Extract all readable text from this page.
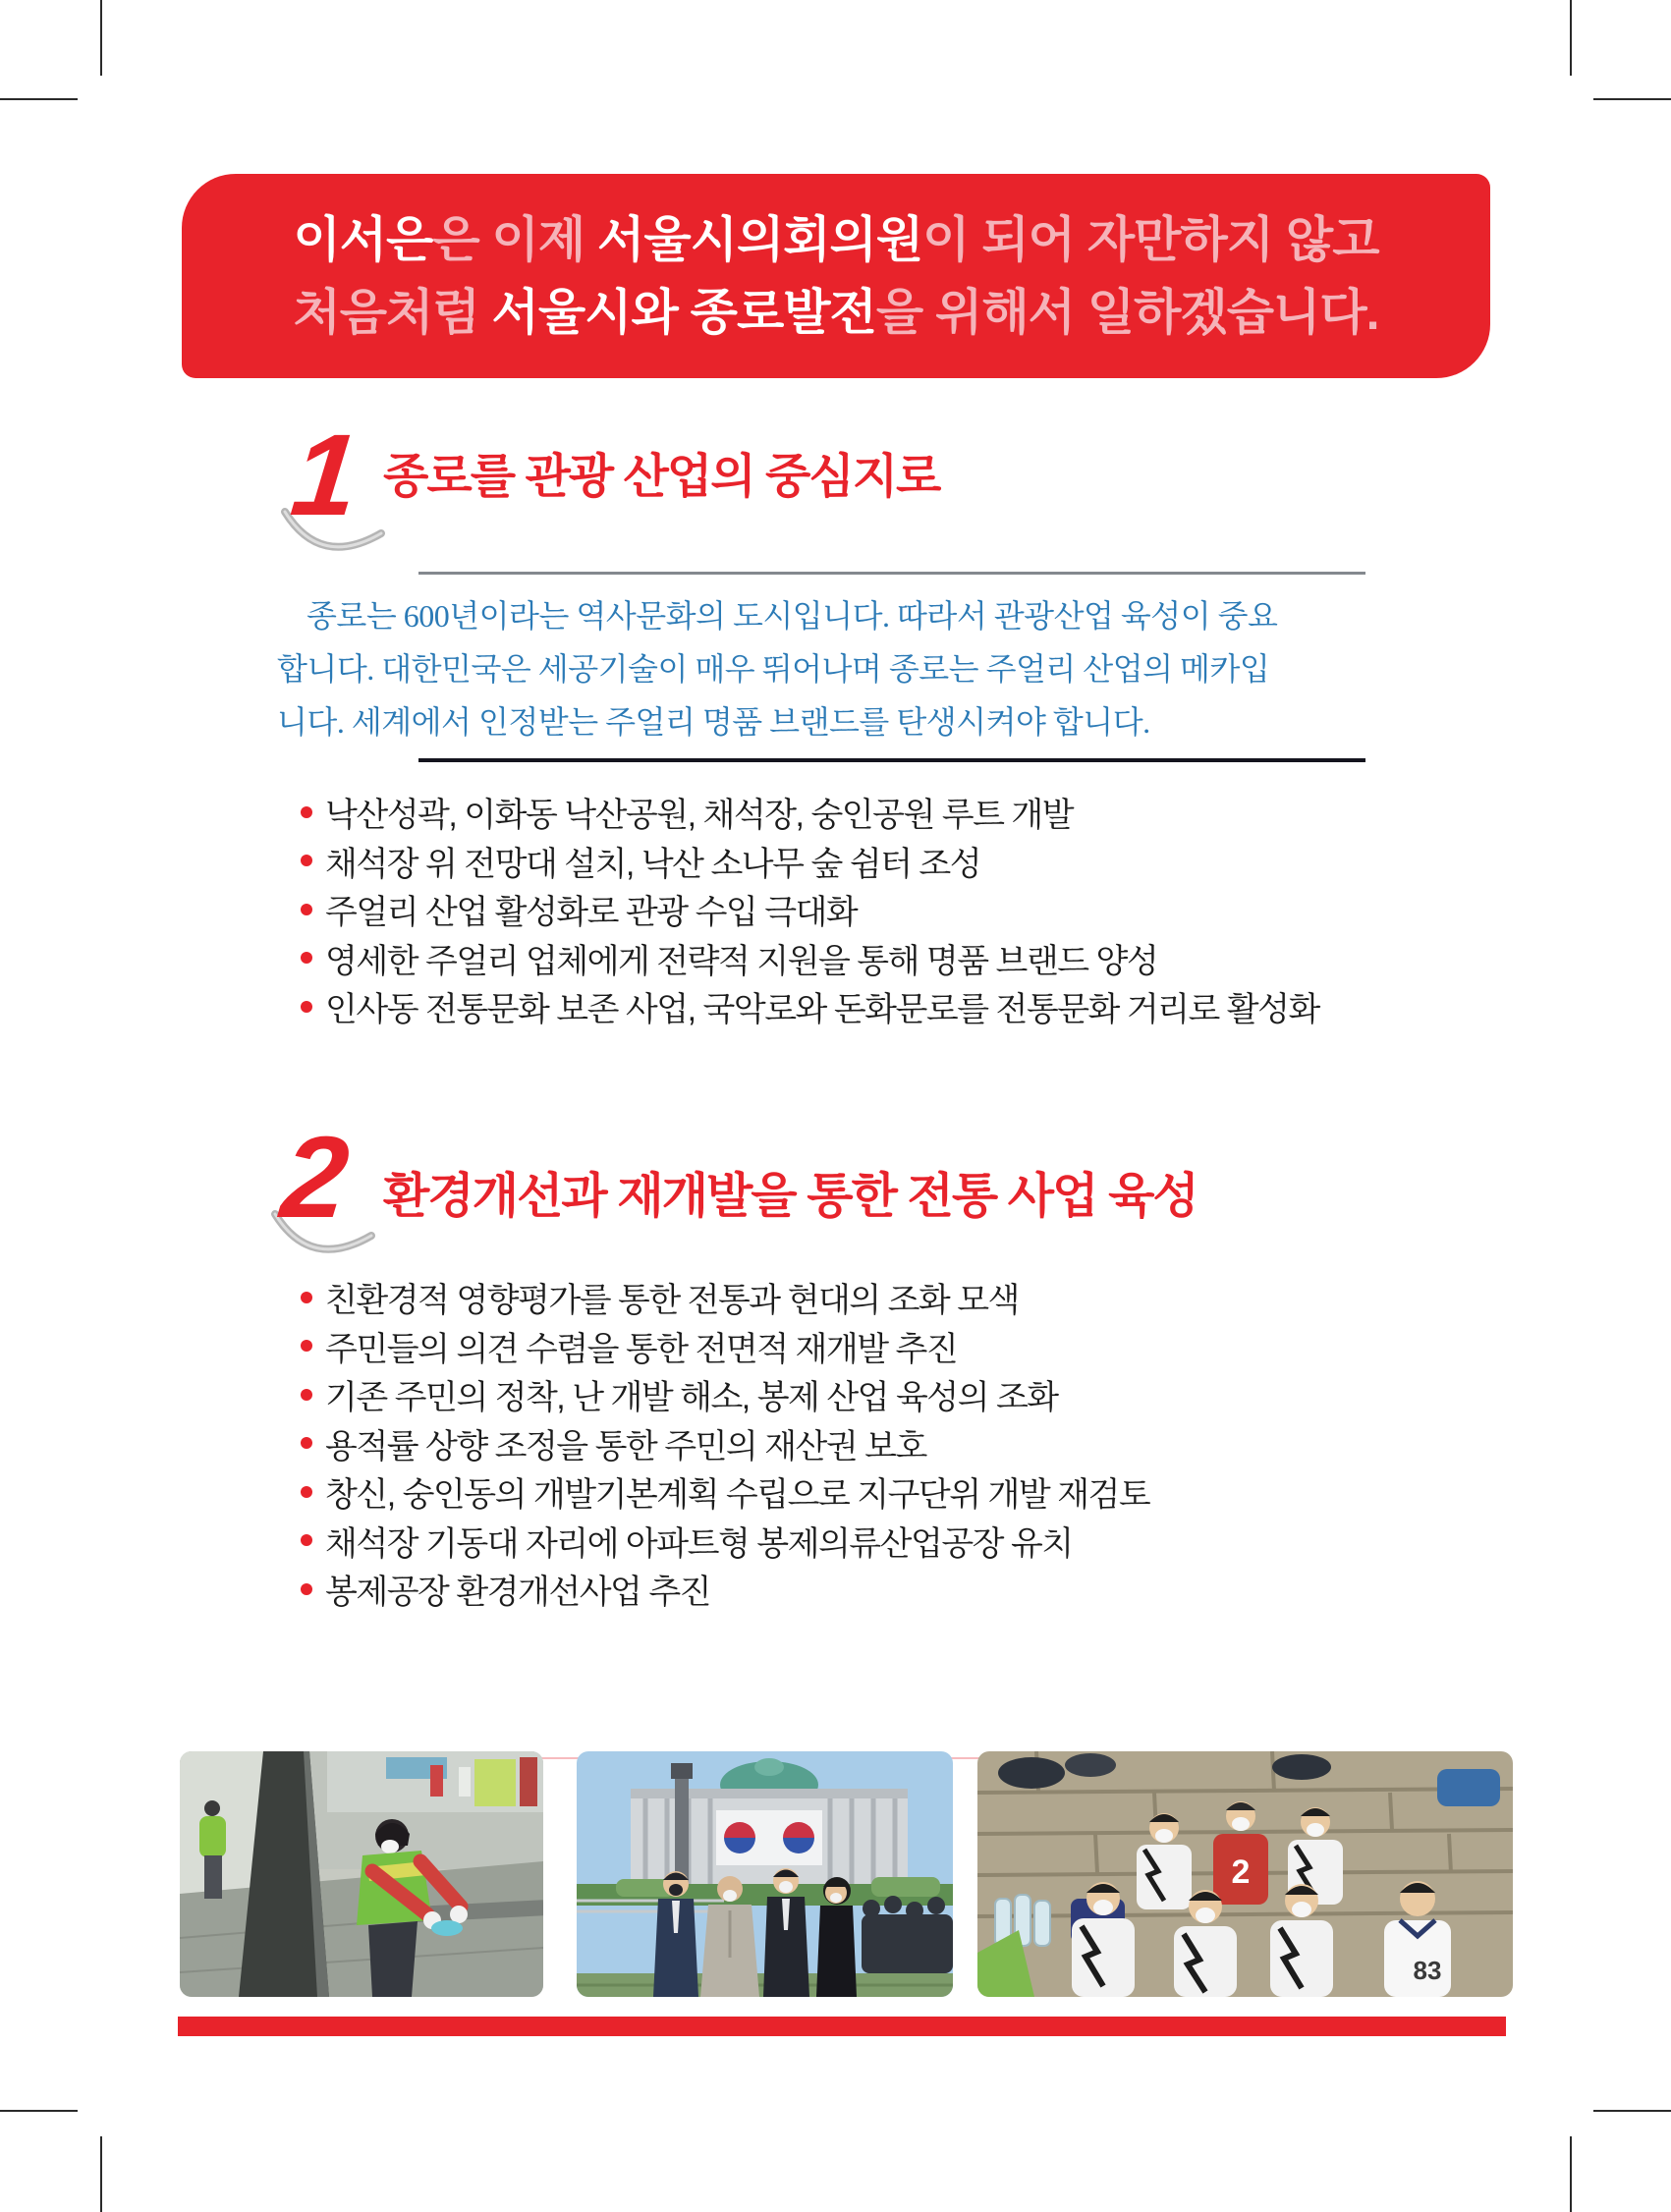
이서은은 이제 서울시의회의원이 되어 자만하지 않고
처음처럼 서울시와 종로발전을 위해서 일하겠습니다.
1 종로를 관광 산업의 중심지로
종로는 600년이라는 역사문화의 도시입니다. 따라서 관광산업 육성이 중요
합니다. 대한민국은 세공기술이 매우 뛰어나며 종로는 주얼리 산업의 메카입
니다. 세계에서 인정받는 주얼리 명품 브랜드를 탄생시켜야 합니다.
낙산성곽, 이화동 낙산공원, 채석장, 숭인공원 루트 개발
채석장 위 전망대 설치, 낙산 소나무 숲 쉼터 조성
주얼리 산업 활성화로 관광 수입 극대화
영세한 주얼리 업체에게 전략적 지원을 통해 명품 브랜드 양성
인사동 전통문화 보존 사업, 국악로와 돈화문로를 전통문화 거리로 활성화
2 환경개선과 재개발을 통한 전통 사업 육성
친환경적 영향평가를 통한 전통과 현대의 조화 모색
주민들의 의견 수렴을 통한 전면적 재개발 추진
기존 주민의 정착, 난 개발 해소, 봉제 산업 육성의 조화
용적률 상향 조정을 통한 주민의 재산권 보호
창신, 숭인동의 개발기본계획 수립으로 지구단위 개발 재검토
채석장 기동대 자리에 아파트형 봉제의류산업공장 유치
봉제공장 환경개선사업 추진
2
83
